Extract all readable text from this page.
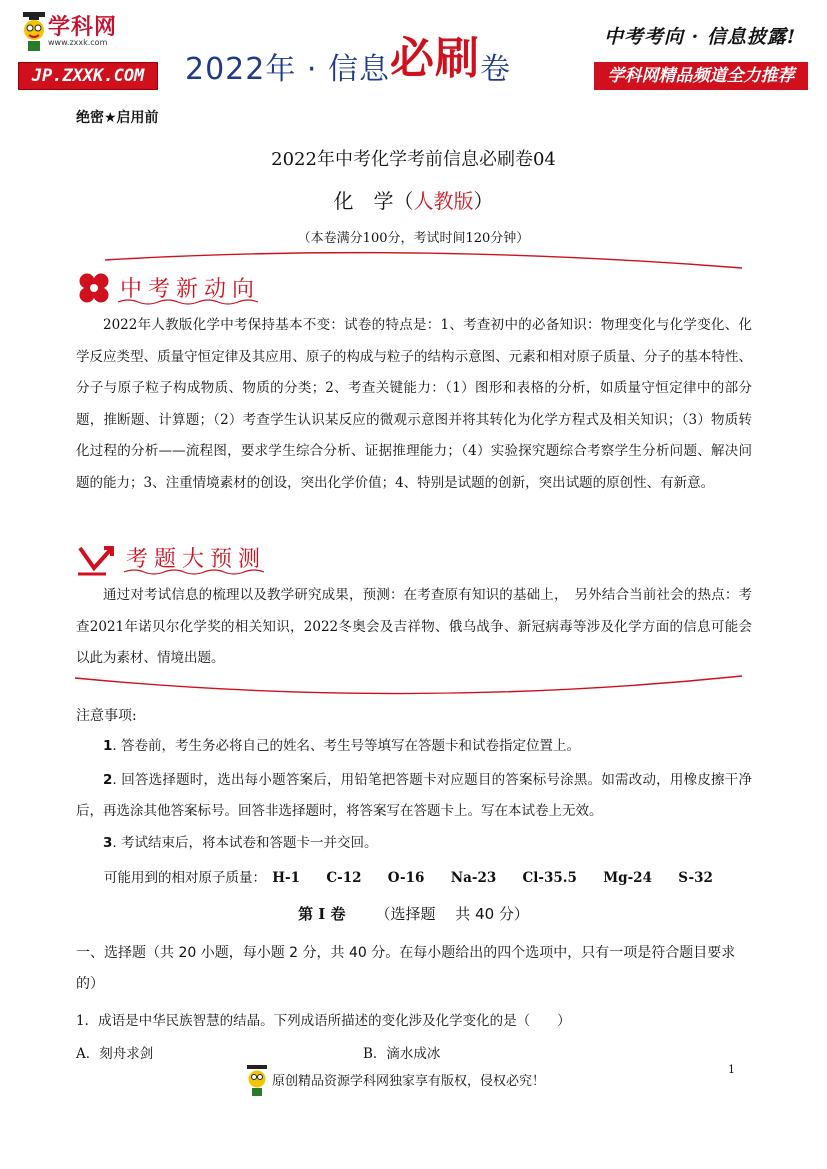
学科网
www.zxxk.com
JP.ZXXK.COM	2022年 · 信息必刷卷
中考考向 · 信息披露!
学科网精品频道全力推荐
绝密★启用前
2022年中考化学考前信息必刷卷04
化　学（人教版）
（本卷满分100分，考试时间120分钟）
中考新动向
2022年人教版化学中考保持基本不变：试卷的特点是：1、考查初中的必备知识：物理变化与化学变化、化学反应类型、质量守恒定律及其应用、原子的构成与粒子的结构示意图、元素和相对原子质量、分子的基本特性、分子与原子粒子构成物质、物质的分类；2、考查关键能力：（1）图形和表格的分析，如质量守恒定律中的部分题，推断题、计算题；（2）考查学生认识某反应的微观示意图并将其转化为化学方程式及相关知识；（3）物质转化过程的分析——流程图，要求学生综合分析、证据推理能力；（4）实验探究题综合考察学生分析问题、解决问题的能力；3、注重情境素材的创设，突出化学价值；4、特别是试题的创新，突出试题的原创性、有新意。
考题大预测
通过对考试信息的梳理以及教学研究成果，预测：在考查原有知识的基础上，　另外结合当前社会的热点：考查2021年诺贝尔化学奖的相关知识，2022冬奥会及吉祥物、俄乌战争、新冠病毒等涉及化学方面的信息可能会以此为素材、情境出题。
注意事项:
1. 答卷前，考生务必将自己的姓名、考生号等填写在答题卡和试卷指定位置上。
2. 回答选择题时，选出每小题答案后，用铅笔把答题卡对应题目的答案标号涂黑。如需改动，用橡皮擦干净后，再选涂其他答案标号。回答非选择题时，将答案写在答题卡上。写在本试卷上无效。
3. 考试结束后，将本试卷和答题卡一并交回。
可能用到的相对原子质量： H-1 C-12 O-16 Na-23 Cl-35.5 Mg-24 S-32
第 I 卷 （选择题　 共 40 分）
一、选择题（共 20 小题，每小题 2 分，共 40 分。在每小题给出的四个选项中，只有一项是符合题目要求的）
1．成语是中华民族智慧的结晶。下列成语所描述的变化涉及化学变化的是（　　）
A．刻舟求剑	B．滴水成冰
1
原创精品资源学科网独家享有版权，侵权必究！
